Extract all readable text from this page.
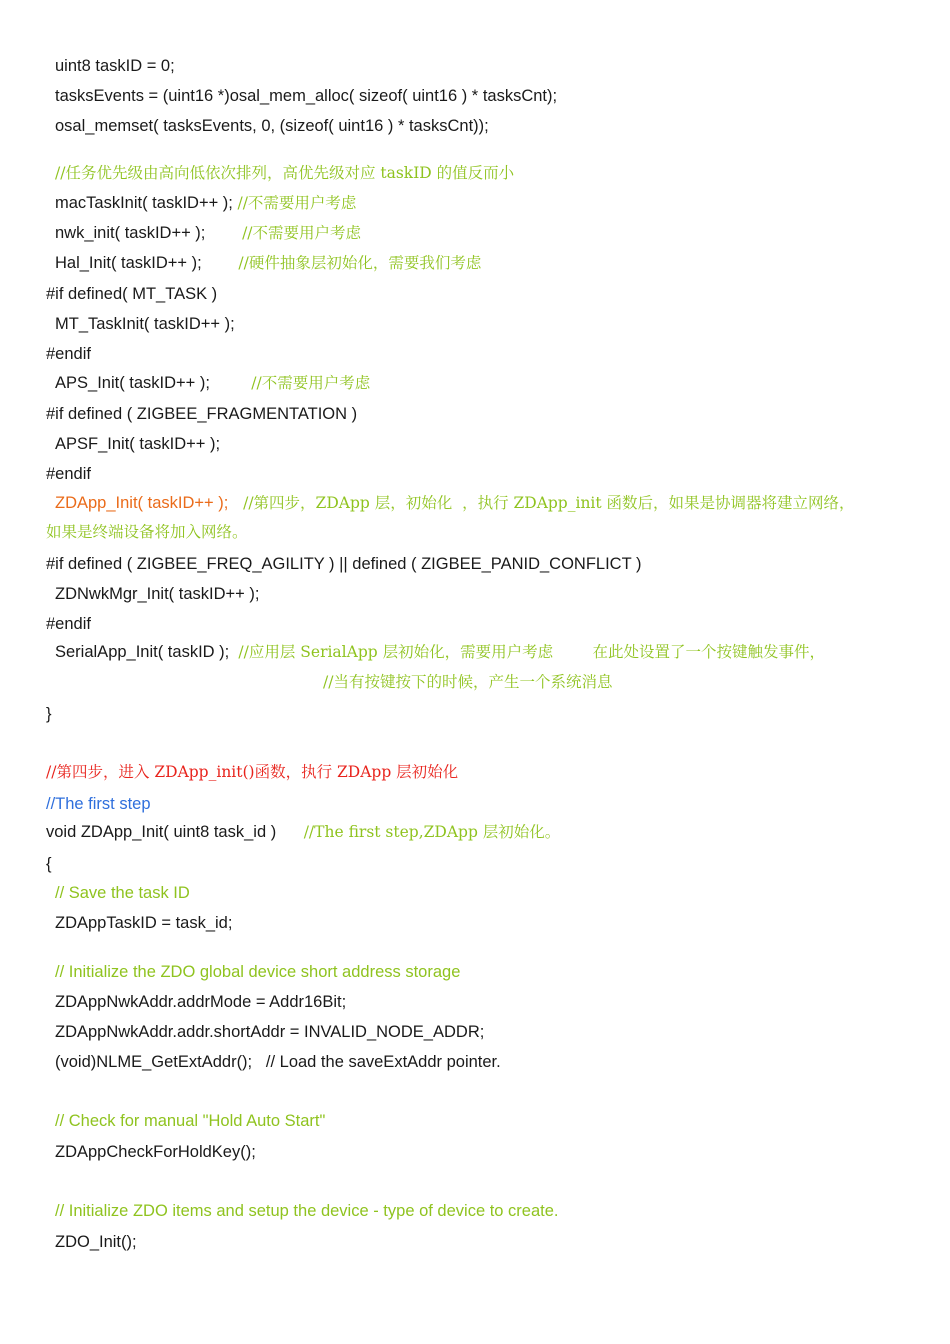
uint8 taskID = 0;
tasksEvents = (uint16 *)osal_mem_alloc( sizeof( uint16 ) * tasksCnt);
osal_memset( tasksEvents, 0, (sizeof( uint16 ) * tasksCnt));
//任务优先级由高向低依次排列，高优先级对应 taskID 的值反而小
macTaskInit( taskID++ ); //不需要用户考虑
nwk_init( taskID++ );        //不需要用户考虑
Hal_Init( taskID++ );        //硬件抽象层初始化，需要我们考虑
#if defined( MT_TASK )
MT_TaskInit( taskID++ );
#endif
APS_Init( taskID++ );         //不需要用户考虑
#if defined ( ZIGBEE_FRAGMENTATION )
APSF_Init( taskID++ );
#endif
ZDApp_Init( taskID++ );   //第四步，ZDApp 层，初始化  ，执行 ZDApp_init 函数后，如果是协调器将建立网络，
如果是终端设备将加入网络。
#if defined ( ZIGBEE_FREQ_AGILITY ) || defined ( ZIGBEE_PANID_CONFLICT )
ZDNwkMgr_Init( taskID++ );
#endif
SerialApp_Init( taskID );  //应用层 SerialApp 层初始化，需要用户考虑        在此处设置了一个按键触发事件，
//当有按键按下的时候，产生一个系统消息
}
//第四步，进入 ZDApp_init()函数，执行 ZDApp 层初始化
//The first step
void ZDApp_Init( uint8 task_id )      //The first step,ZDApp 层初始化。
{
// Save the task ID
ZDAppTaskID = task_id;
// Initialize the ZDO global device short address storage
ZDAppNwkAddr.addrMode = Addr16Bit;
ZDAppNwkAddr.addr.shortAddr = INVALID_NODE_ADDR;
(void)NLME_GetExtAddr();   // Load the saveExtAddr pointer.
// Check for manual "Hold Auto Start"
ZDAppCheckForHoldKey();
// Initialize ZDO items and setup the device - type of device to create.
ZDO_Init();
